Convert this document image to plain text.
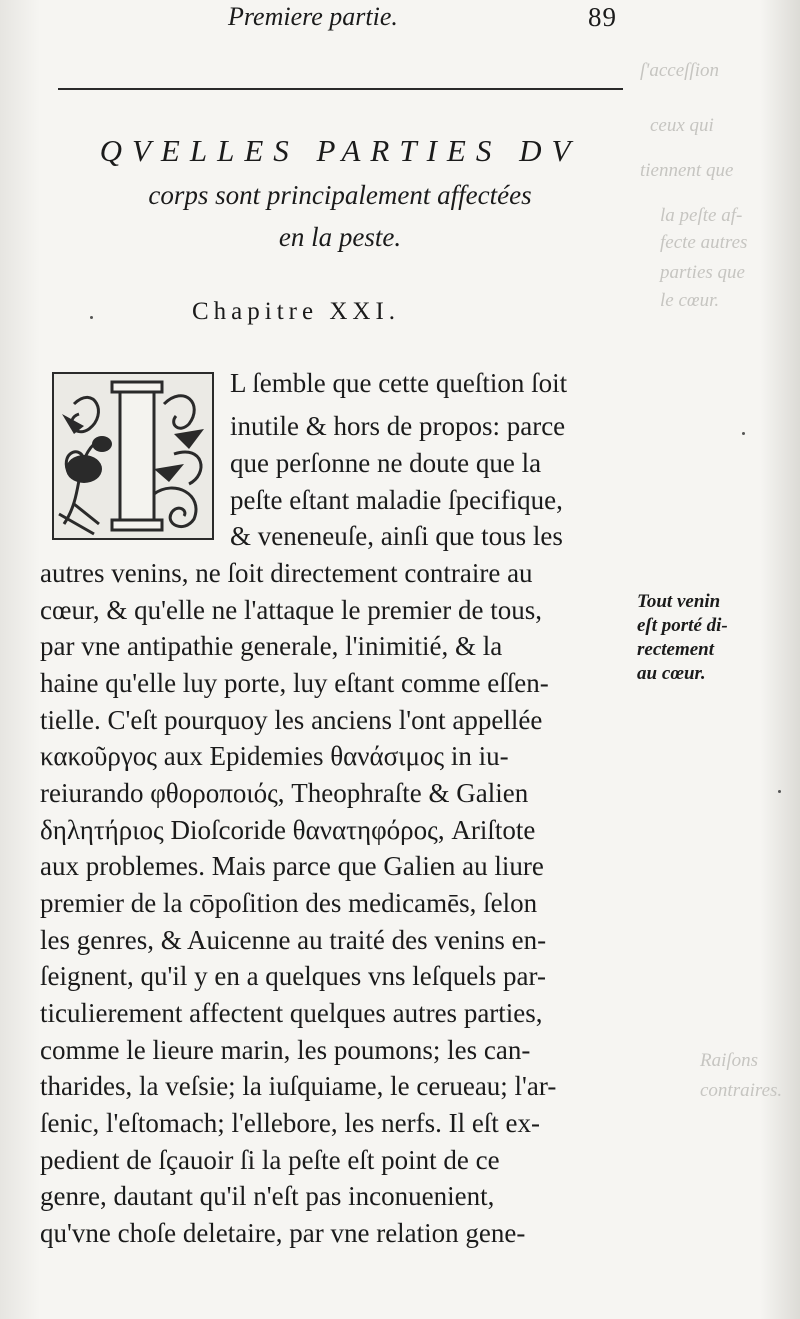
ſ'acceſſion
ceux qui
tiennent que
la peſte af-
fecte autres
parties que
le cœur.
Raiſons
contraires.
Premiere partie.	89
QVELLES PARTIES DV
corps sont principalement affectées
en la peste.
Chapitre XXI.
I
L ſemble que cette queſtion ſoit
inutile & hors de propos: parce
que perſonne ne doute que la
peſte eſtant maladie ſpecifique,
& veneneuſe, ainſi que tous les
autres venins, ne ſoit directement contraire au
cœur, & qu'elle ne l'attaque le premier de tous,
par vne antipathie generale, l'inimitié, & la
haine qu'elle luy porte, luy eſtant comme eſſen-
tielle. C'eſt pourquoy les anciens l'ont appellée
κακοῦργος aux Epidemies θανάσιμος in iu-
reiurando φθοροποιός, Theophraſte & Galien
δηλητήριος Dioſcoride θανατηφόρος, Ariſtote
aux problemes. Mais parce que Galien au liure
premier de la cōpoſition des medicamēs, ſelon
les genres, & Auicenne au traité des venins en-
ſeignent, qu'il y en a quelques vns leſquels par-
ticulierement affectent quelques autres parties,
comme le lieure marin, les poumons; les can-
tharides, la veſsie; la iuſquiame, le cerueau; l'ar-
ſenic, l'eſtomach; l'ellebore, les nerfs. Il eſt ex-
pedient de ſçauoir ſi la peſte eſt point de ce
genre, dautant qu'il n'eſt pas inconuenient,
qu'vne choſe deletaire, par vne relation gene-
Tout venin
eſt porté di-
rectement
au cœur.
